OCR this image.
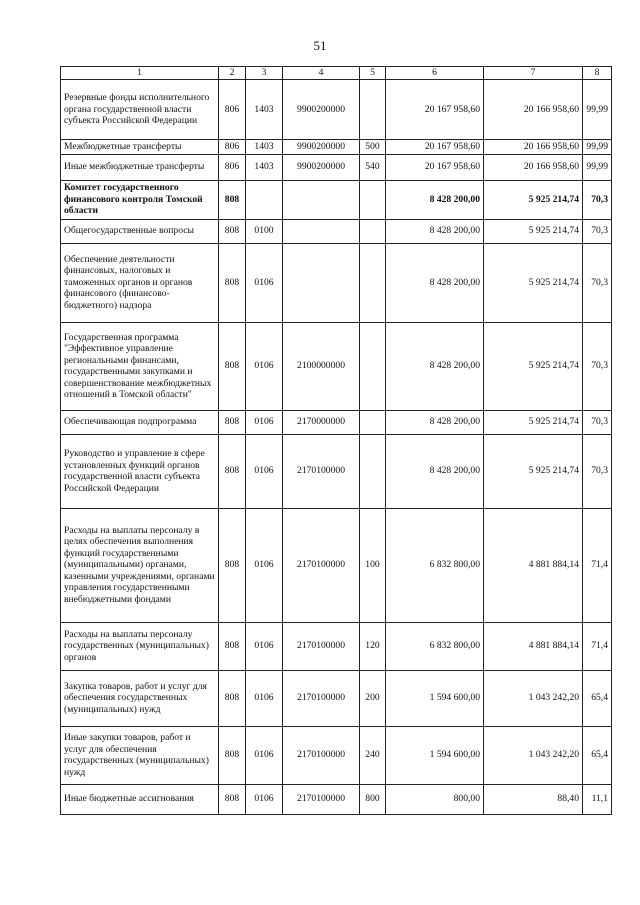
51
1	2	3	4	5	6	7	8
Резервные фонды исполнительного органа государственной власти субъекта Российской Федерации	806	1403	9900200000		20 167 958,60	20 166 958,60	99,99
Межбюджетные трансферты	806	1403	9900200000	500	20 167 958,60	20 166 958,60	99,99
Иные межбюджетные трансферты	806	1403	9900200000	540	20 167 958,60	20 166 958,60	99,99
Комитет государственного финансового контроля Томской области	808				8 428 200,00	5 925 214,74	70,3
Общегосударственные вопросы	808	0100			8 428 200,00	5 925 214,74	70,3
Обеспечение деятельности финансовых, налоговых и таможенных органов и органов финансового (финансово-бюджетного) надзора	808	0106			8 428 200,00	5 925 214,74	70,3
Государственная программа "Эффективное управление региональными финансами, государственными закупками и совершенствование межбюджетных отношений в Томской области"	808	0106	2100000000		8 428 200,00	5 925 214,74	70,3
Обеспечивающая подпрограмма	808	0106	2170000000		8 428 200,00	5 925 214,74	70,3
Руководство и управление в сфере установленных функций органов государственной власти субъекта Российской Федерации	808	0106	2170100000		8 428 200,00	5 925 214,74	70,3
Расходы на выплаты персоналу в целях обеспечения выполнения функций государственными (муниципальными) органами, казенными учреждениями, органами управления государственными внебюджетными фондами	808	0106	2170100000	100	6 832 800,00	4 881 884,14	71,4
Расходы на выплаты персоналу государственных (муниципальных) органов	808	0106	2170100000	120	6 832 800,00	4 881 884,14	71,4
Закупка товаров, работ и услуг для обеспечения государственных (муниципальных) нужд	808	0106	2170100000	200	1 594 600,00	1 043 242,20	65,4
Иные закупки товаров, работ и услуг для обеспечения государственных (муниципальных) нужд	808	0106	2170100000	240	1 594 600,00	1 043 242,20	65,4
Иные бюджетные ассигнования	808	0106	2170100000	800	800,00	88,40	11,1
